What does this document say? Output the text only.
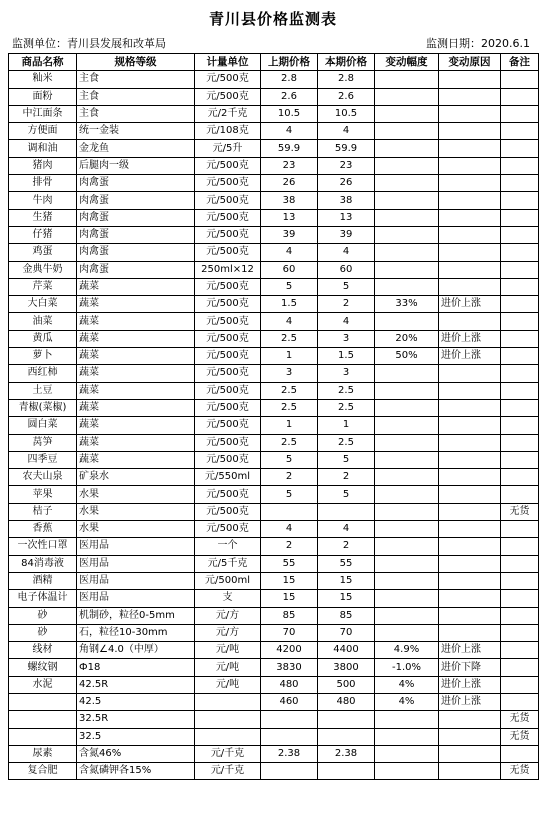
青川县价格监测表
监测单位：青川县发展和改革局	监测日期：2020.6.1
商品名称	规格等级	计量单位	上期价格	本期价格	变动幅度	变动原因	备注
籼米	主食	元/500克	2.8	2.8			
面粉	主食	元/500克	2.6	2.6			
中江面条	主食	元/2千克	10.5	10.5			
方便面	统一金装	元/108克	4	4			
调和油	金龙鱼	元/5升	59.9	59.9			
猪肉	后腿肉一级	元/500克	23	23			
排骨	肉禽蛋	元/500克	26	26			
牛肉	肉禽蛋	元/500克	38	38			
生猪	肉禽蛋	元/500克	13	13			
仔猪	肉禽蛋	元/500克	39	39			
鸡蛋	肉禽蛋	元/500克	4	4			
金典牛奶	肉禽蛋	250ml×12	60	60			
芹菜	蔬菜	元/500克	5	5			
大白菜	蔬菜	元/500克	1.5	2	33%	进价上涨	
油菜	蔬菜	元/500克	4	4			
黄瓜	蔬菜	元/500克	2.5	3	20%	进价上涨	
萝卜	蔬菜	元/500克	1	1.5	50%	进价上涨	
西红柿	蔬菜	元/500克	3	3			
土豆	蔬菜	元/500克	2.5	2.5			
青椒(菜椒)	蔬菜	元/500克	2.5	2.5			
圆白菜	蔬菜	元/500克	1	1			
莴笋	蔬菜	元/500克	2.5	2.5			
四季豆	蔬菜	元/500克	5	5			
农夫山泉	矿泉水	元/550ml	2	2			
苹果	水果	元/500克	5	5			
桔子	水果	元/500克					无货
香蕉	水果	元/500克	4	4			
一次性口罩	医用品	一个	2	2			
84消毒液	医用品	元/5千克	55	55			
酒精	医用品	元/500ml	15	15			
电子体温计	医用品	支	15	15			
砂	机制砂，粒径0-5mm	元/方	85	85			
砂	石，粒径10-30mm	元/方	70	70			
线材	角钢∠4.0（中厚）	元/吨	4200	4400	4.9%	进价上涨	
螺纹钢	Ф18	元/吨	3830	3800	-1.0%	进价下降	
水泥	42.5R	元/吨	480	500	4%	进价上涨	
	42.5		460	480	4%	进价上涨	
	32.5R						无货
	32.5						无货
尿素	含氮46%	元/千克	2.38	2.38			
复合肥	含氮磷钾各15%	元/千克					无货
